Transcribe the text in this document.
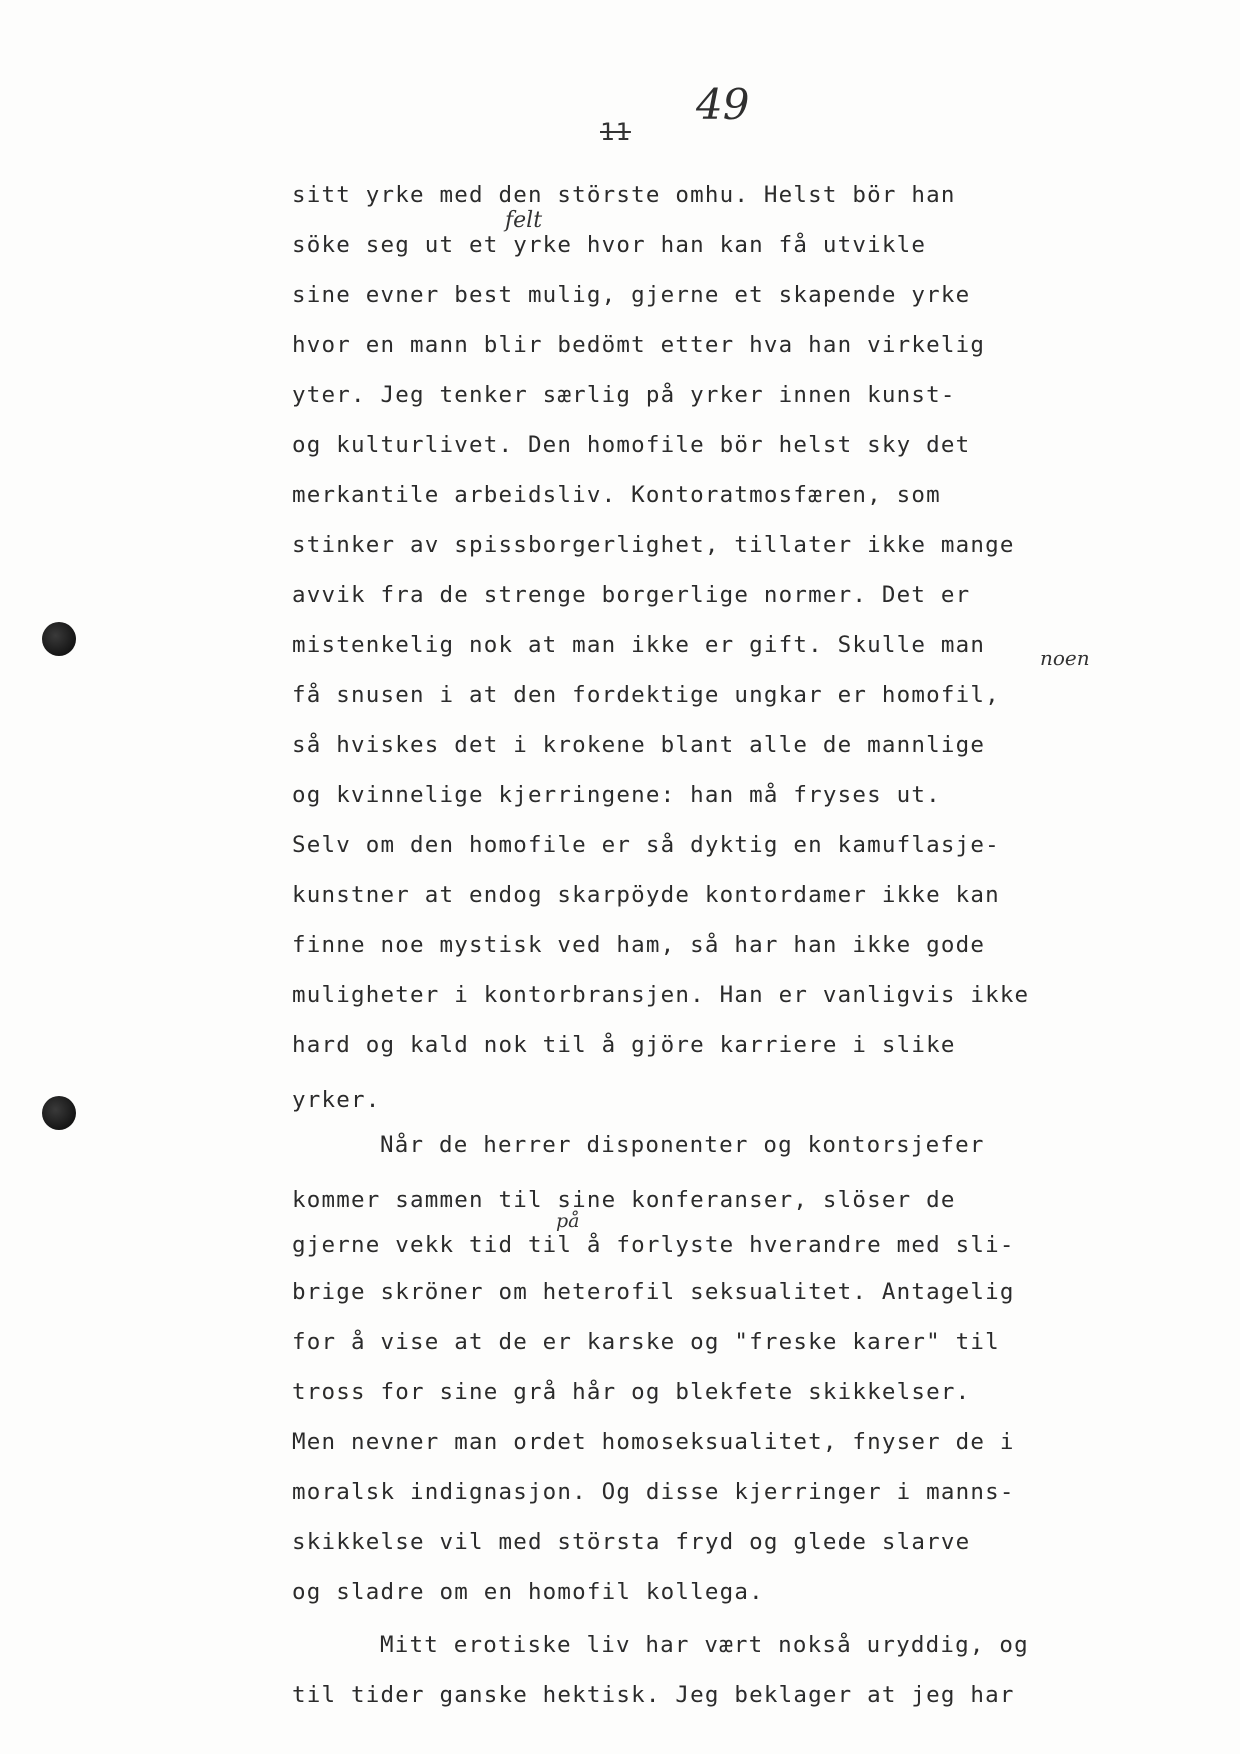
11
49
felt
noen
på
sitt yrke med den störste omhu. Helst bör han
söke seg ut et yrke hvor han kan få utvikle
sine evner best mulig, gjerne et skapende yrke
hvor en mann blir bedömt etter hva han virkelig
yter. Jeg tenker særlig på yrker innen kunst-
og kulturlivet. Den homofile bör helst sky det
merkantile arbeidsliv. Kontoratmosfæren, som
stinker av spissborgerlighet, tillater ikke mange
avvik fra de strenge borgerlige normer. Det er
mistenkelig nok at man ikke er gift. Skulle man
få snusen i at den fordektige ungkar er homofil,
så hviskes det i krokene blant alle de mannlige
og kvinnelige kjerringene: han må fryses ut.
Selv om den homofile er så dyktig en kamuflasje-
kunstner at endog skarpöyde kontordamer ikke kan
finne noe mystisk ved ham, så har han ikke gode
muligheter i kontorbransjen. Han er vanligvis ikke
hard og kald nok til å gjöre karriere i slike
yrker.
Når de herrer disponenter og kontorsjefer
kommer sammen til sine konferanser, slöser de
gjerne vekk tid til å forlyste hverandre med sli-
brige skröner om heterofil seksualitet. Antagelig
for å vise at de er karske og "freske karer" til
tross for sine grå hår og blekfete skikkelser.
Men nevner man ordet homoseksualitet, fnyser de i
moralsk indignasjon. Og disse kjerringer i manns-
skikkelse vil med största fryd og glede slarve
og sladre om en homofil kollega.
Mitt erotiske liv har vært nokså uryddig, og
til tider ganske hektisk. Jeg beklager at jeg har
